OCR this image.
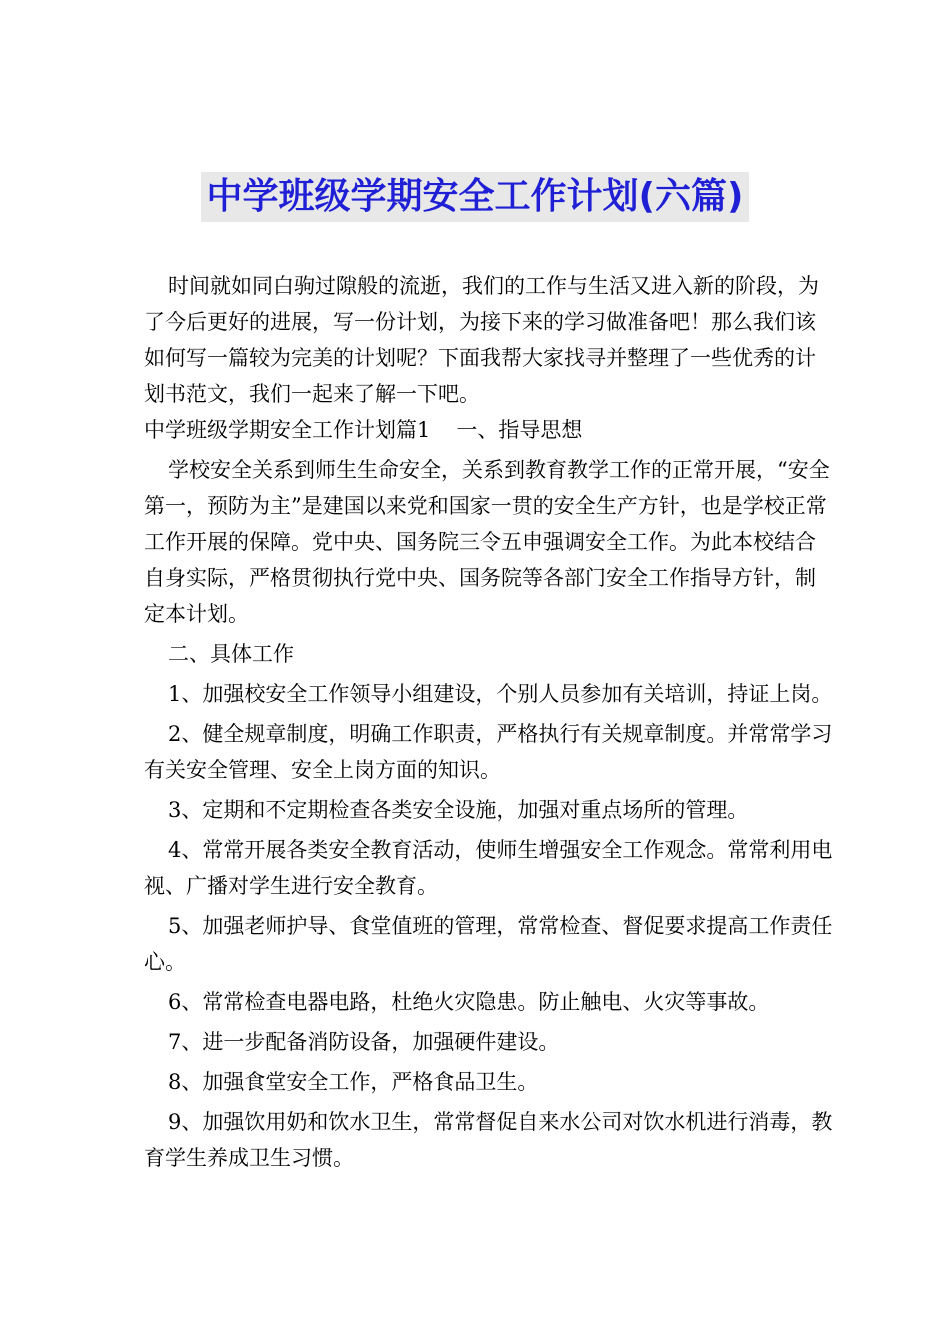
中学班级学期安全工作计划(六篇)

时间就如同白驹过隙般的流逝，我们的工作与生活又进入新的阶段，为了今后更好的进展，写一份计划，为接下来的学习做准备吧！那么我们该如何写一篇较为完美的计划呢？下面我帮大家找寻并整理了一些优秀的计划书范文，我们一起来了解一下吧。

中学班级学期安全工作计划篇1 一、指导思想

学校安全关系到师生生命安全，关系到教育教学工作的正常开展，“安全第一，预防为主”是建国以来党和国家一贯的安全生产方针，也是学校正常工作开展的保障。党中央、国务院三令五申强调安全工作。为此本校结合自身实际，严格贯彻执行党中央、国务院等各部门安全工作指导方针，制定本计划。

二、具体工作

1、加强校安全工作领导小组建设，个别人员参加有关培训，持证上岗。

2、健全规章制度，明确工作职责，严格执行有关规章制度。并常常学习有关安全管理、安全上岗方面的知识。

3、定期和不定期检查各类安全设施，加强对重点场所的管理。

4、常常开展各类安全教育活动，使师生增强安全工作观念。常常利用电视、广播对学生进行安全教育。

5、加强老师护导、食堂值班的管理，常常检查、督促要求提高工作责任心。

6、常常检查电器电路，杜绝火灾隐患。防止触电、火灾等事故。

7、进一步配备消防设备，加强硬件建设。

8、加强食堂安全工作，严格食品卫生。

9、加强饮用奶和饮水卫生，常常督促自来水公司对饮水机进行消毒，教育学生养成卫生习惯。
